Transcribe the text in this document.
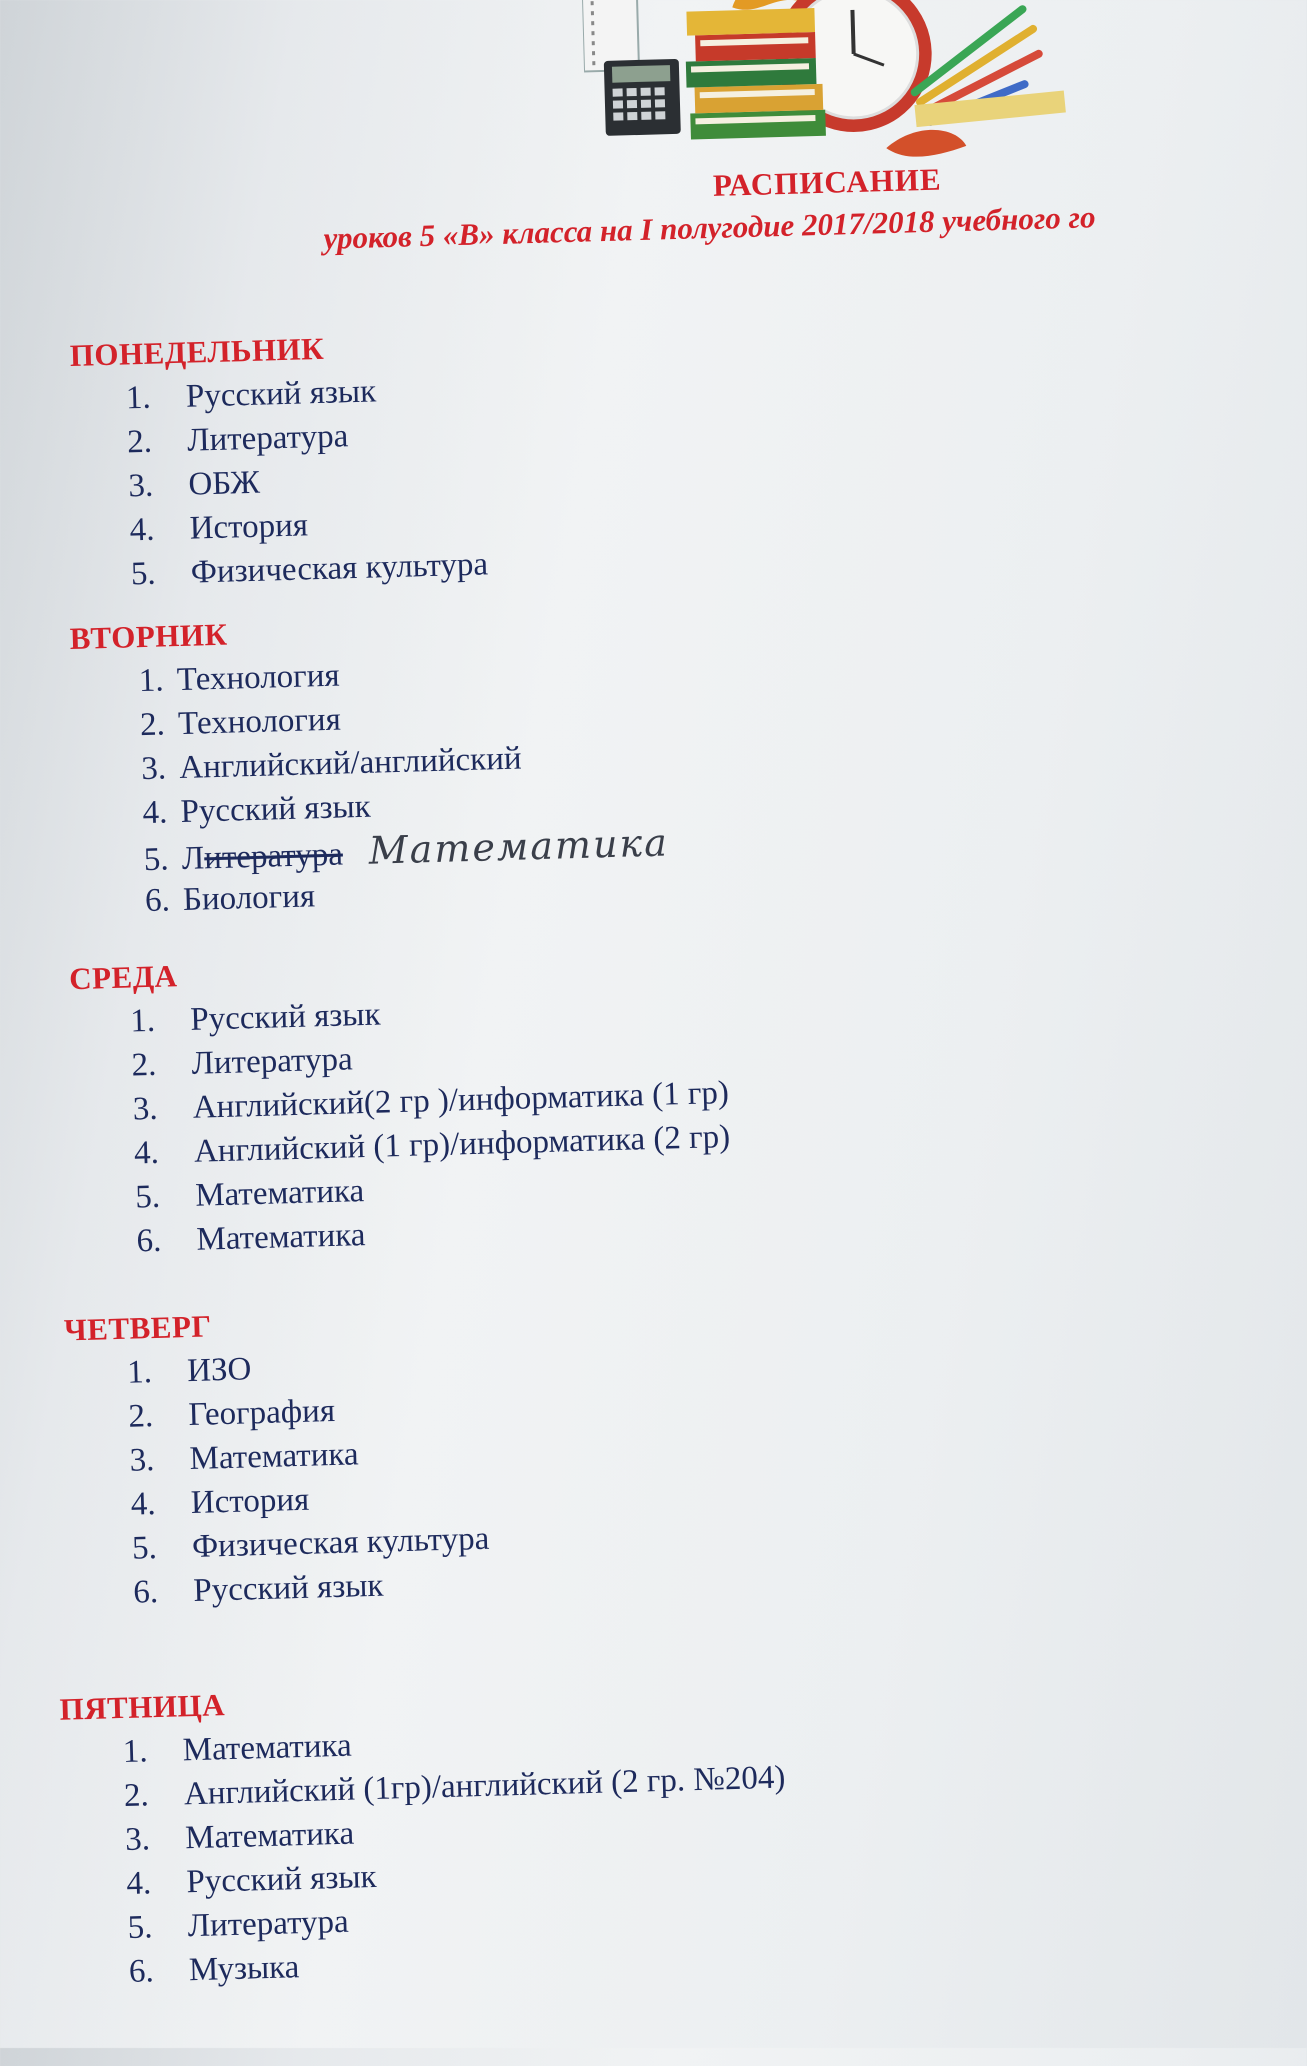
РАСПИСАНИЕ
уроков 5 «В» класса на I полугодие 2017/2018 учебного го
ПОНЕДЕЛЬНИК
1.	Русский язык
2.	Литература
3.	ОБЖ
4.	История
5.	Физическая культура
ВТОРНИК
1. Технология
2. Технология
3. Английский/английский
4. Русский язык
5. Литература Математика
6. Биология
СРЕДА
1.	Русский язык
2.	Литература
3.	Английский(2 гр )/информатика (1 гр)
4.	Английский (1 гр)/информатика (2 гр)
5.	Математика
6.	Математика
ЧЕТВЕРГ
1.	ИЗО
2.	География
3.	Математика
4.	История
5.	Физическая культура
6.	Русский язык
ПЯТНИЦА
1.	Математика
2.	Английский (1гр)/английский (2 гр. №204)
3.	Математика
4.	Русский язык
5.	Литература
6.	Музыка
